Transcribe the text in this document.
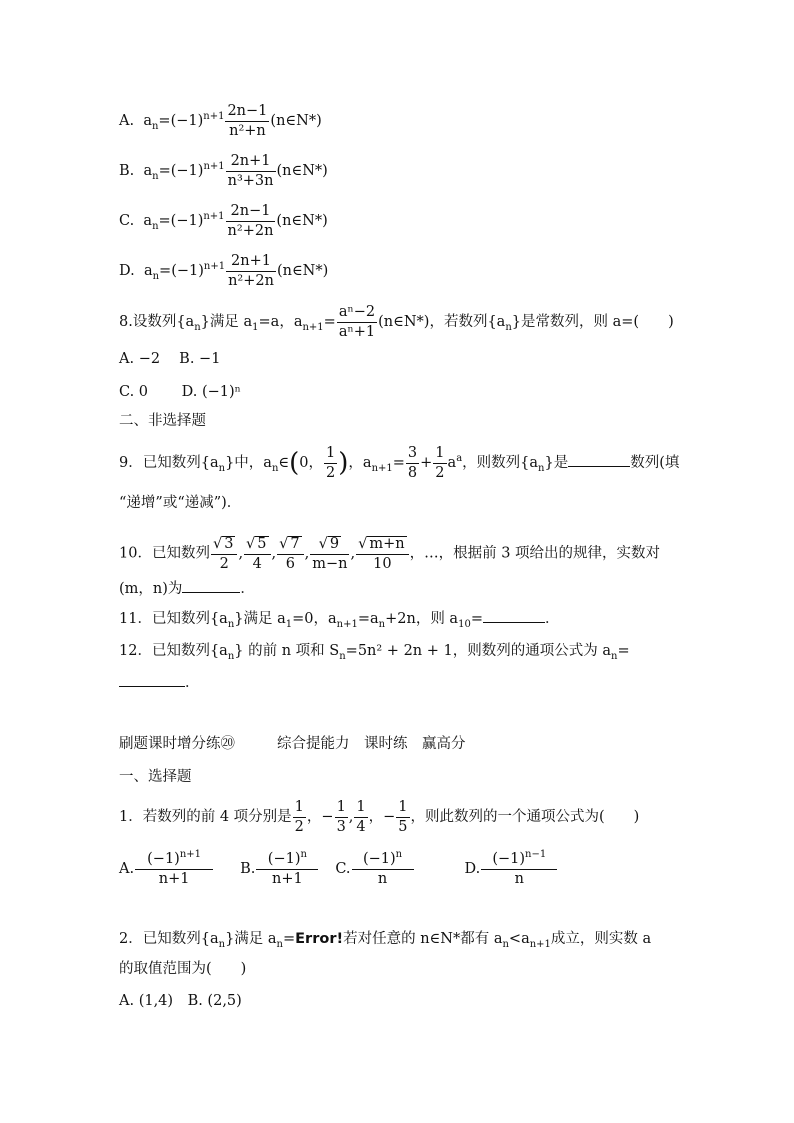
A. $a_n=(-1)^{n+1} \frac{2n-1}{\text{n²+n}}$ (n∈N*)
B. $a_n=(-1)^{n+1} \frac{2n+1}{\text{n³+3n}}$ (n∈N*)
C. $a_n=(-1)^{n+1} \frac{2n-1}{\text{n²+2n}}$ (n∈N*)
D. $a_n=(-1)^{n+1} \frac{2n+1}{\text{n²+2n}}$ (n∈N*)
8.设数列$\{a_n\}$满足 $a_1=a$，$a_{n+1}= \frac{\text{aⁿ−2}}{\text{aⁿ+1}}$ (n∈N*)，若数列$\{a_n\}$是常数列，则 a=(　　)
A. −2　 B. −1
C. 0　　 D. (−1)ⁿ
二、非选择题
9．已知数列$\{a_n\}$中，$a_n\in(0$， $\frac{1}{2}$ )，$a_{n+1}= \frac{3}{8} + \frac{1}{2} a^a$，则数列$\{a_n\}$是	数列(填
“递增”或“递减”)．
10．已知数列 $\frac{√ 3}{2}$ , $\frac{√ 5}{4}$ , $\frac{√ 7}{6}$ , $\frac{√ 9}{m-n}$ , $\frac{√ m+n}{10}$ ，…，根据前 3 项给出的规律，实数对
(m，n)为	．
11．已知数列$\{a_n\}$满足 $a_1=0$，$a_{n+1}=a_n+2n$，则 $a_{10}=$	．
12．已知数列$\{a_n\}$ 的前 n 项和 $S_n=5n^2 + 2n + 1$，则数列的通项公式为 $a_n=$
．
刷题课时增分练⑳	综合提能力　课时练　赢高分
一、选择题
1．若数列的前 4 项分别是 $\frac{1}{2}$ ，− $\frac{1}{3}$ , $\frac{1}{4}$ ，− $\frac{1}{5}$ ，则此数列的一个通项公式为(　　)
A. $\frac{(-1)^{n+1}}{n+1} B$. $\frac{(-1)^n}{n+1} C$. $\frac{(-1)^n}{n}$	D. $\frac{(-1)^{n-1}}{n}$
2．已知数列$\{a_n\}$满足 $a_n=Error$!若对任意的 n∈N*都有 $a_n<a_{n+1}$成立，则实数 a
的取值范围为(　　)
A. (1,4)　B. (2,5)
